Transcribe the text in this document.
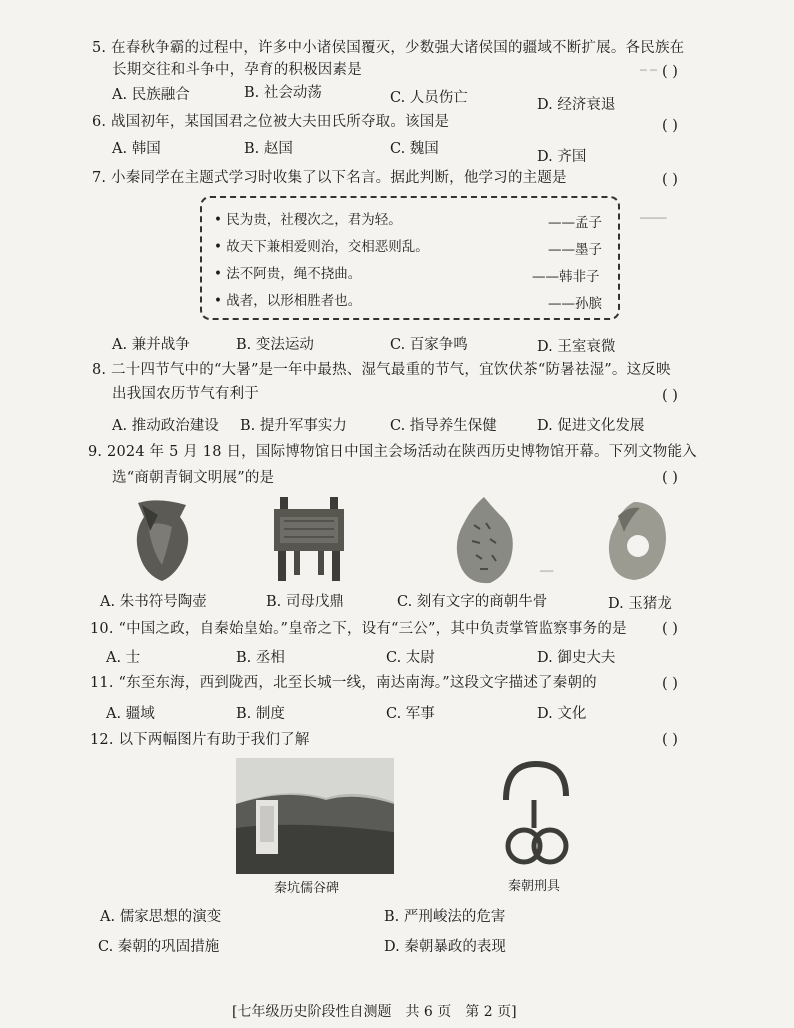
━ ━
━━━━
━━
5. 在春秋争霸的过程中，许多中小诸侯国覆灭，少数强大诸侯国的疆域不断扩展。各民族在
长期交往和斗争中，孕育的积极因素是	( )
A. 民族融合	B. 社会动荡	C. 人员伤亡	D. 经济衰退
6. 战国初年，某国国君之位被大夫田氏所夺取。该国是	( )
A. 韩国	B. 赵国	C. 魏国	D. 齐国
7. 小秦同学在主题式学习时收集了以下名言。据此判断，他学习的主题是	( )
• 民为贵，社稷次之，君为轻。	——孟子
• 故天下兼相爱则治，交相恶则乱。	——墨子
• 法不阿贵，绳不挠曲。	——韩非子
• 战者，以形相胜者也。	——孙膑
A. 兼并战争	B. 变法运动	C. 百家争鸣	D. 王室衰微
8. 二十四节气中的“大暑”是一年中最热、湿气最重的节气，宜饮伏茶“防暑祛湿”。这反映
出我国农历节气有利于	( )
A. 推动政治建设 B. 提升军事实力	C. 指导养生保健	D. 促进文化发展
9. 2024 年 5 月 18 日，国际博物馆日中国主会场活动在陕西历史博物馆开幕。下列文物能入
选“商朝青铜文明展”的是	( )
A. 朱书符号陶壶	B. 司母戊鼎	C. 刻有文字的商朝牛骨	D. 玉猪龙
10. “中国之政，自秦始皇始。”皇帝之下，设有“三公”，其中负责掌管监察事务的是 ( )
A. 士	B. 丞相	C. 太尉	D. 御史大夫
11. “东至东海，西到陇西，北至长城一线，南达南海。”这段文字描述了秦朝的	( )
A. 疆域	B. 制度	C. 军事	D. 文化
12. 以下两幅图片有助于我们了解	( )
秦坑儒谷碑	秦朝刑具
A. 儒家思想的演变	B. 严刑峻法的危害
C. 秦朝的巩固措施	D. 秦朝暴政的表现
[七年级历史阶段性自测题　共 6 页　第 2 页]
